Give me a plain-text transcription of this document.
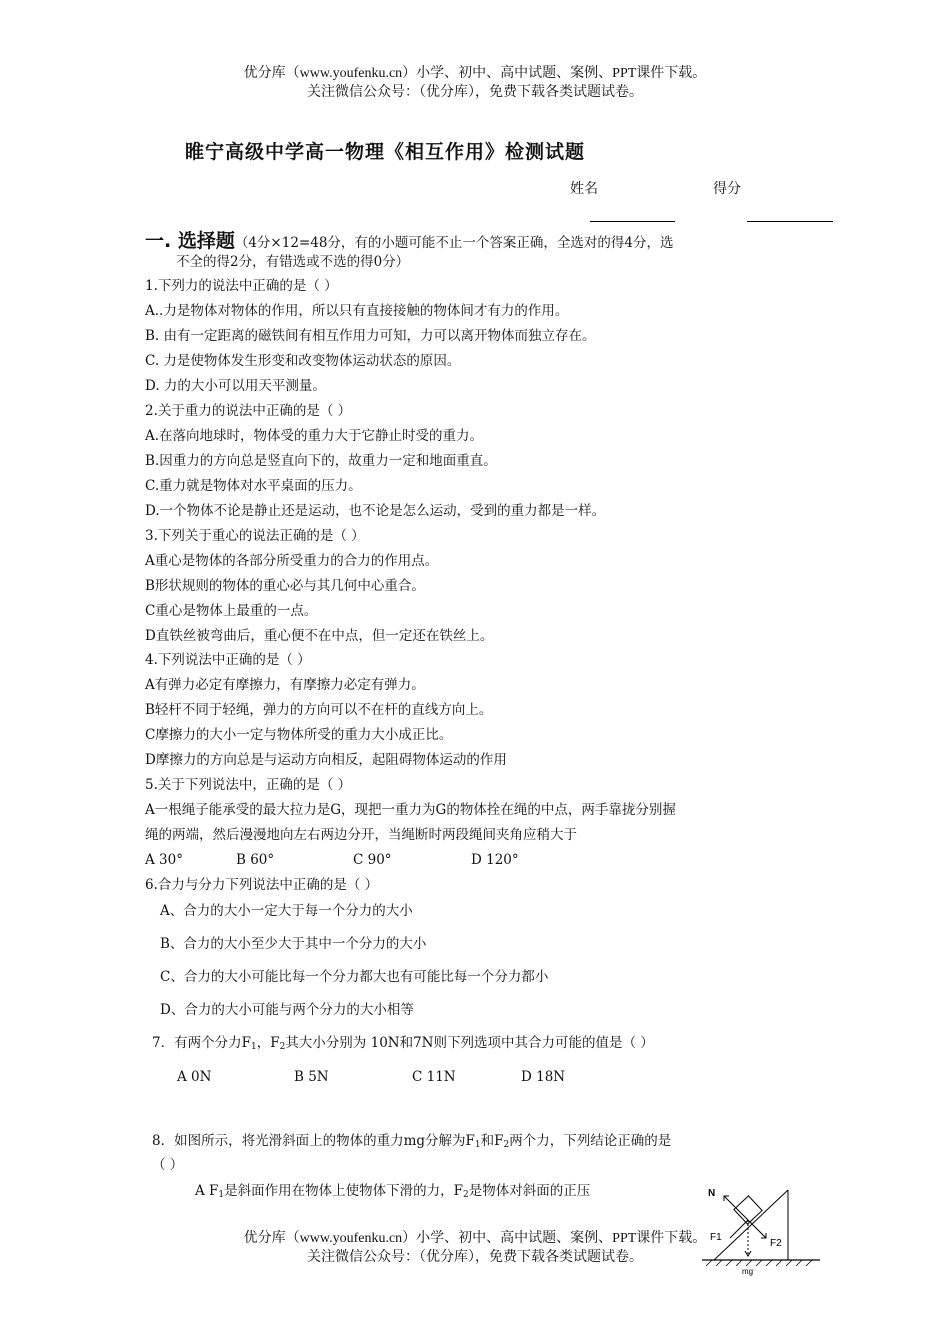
优分库（www.youfenku.cn）小学、初中、高中试题、案例、PPT课件下载。
关注微信公众号：（优分库），免费下载各类试题试卷。
睢宁高级中学高一物理《相互作用》检测试题
姓名	得分
一. 选择题（4分×12=48分，有的小题可能不止一个答案正确，全选对的得4分，选
不全的得2分，有错选或不选的得0分）
1.下列力的说法中正确的是（ ）
A..力是物体对物体的作用，所以只有直接接触的物体间才有力的作用。
B. 由有一定距离的磁铁间有相互作用力可知，力可以离开物体而独立存在。
C. 力是使物体发生形变和改变物体运动状态的原因。
D. 力的大小可以用天平测量。
2.关于重力的说法中正确的是（ ）
A.在落向地球时，物体受的重力大于它静止时受的重力。
B.因重力的方向总是竖直向下的，故重力一定和地面重直。
C.重力就是物体对水平桌面的压力。
D.一个物体不论是静止还是运动，也不论是怎么运动，受到的重力都是一样。
3.下列关于重心的说法正确的是（ ）
A重心是物体的各部分所受重力的合力的作用点。
B形状规则的物体的重心必与其几何中心重合。
C重心是物体上最重的一点。
D直铁丝被弯曲后，重心便不在中点，但一定还在铁丝上。
4.下列说法中正确的是（ ）
A有弹力必定有摩擦力，有摩擦力必定有弹力。
B轻杆不同于轻绳，弹力的方向可以不在杆的直线方向上。
C摩擦力的大小一定与物体所受的重力大小成正比。
D摩擦力的方向总是与运动方向相反，起阻碍物体运动的作用
5.关于下列说法中，正确的是（ ）
A一根绳子能承受的最大拉力是G，现把一重力为G的物体拴在绳的中点，两手靠拢分别握
绳的两端，然后漫漫地向左右两边分开，当绳断时两段绳间夹角应稍大于
A 30°	B 60°	C 90°	D 120°
6.合力与分力下列说法中正确的是（ ）
A、合力的大小一定大于每一个分力的大小
B、合力的大小至少大于其中一个分力的大小
C、合力的大小可能比每一个分力都大也有可能比每一个分力都小
D、合力的大小可能与两个分力的大小相等
7．有两个分力$F_1$，$F_2$其大小分别为 10N和7N则下列选项中其合力可能的值是（ ）
A 0N	B 5N	C 11N	D 18N
8．如图所示，将光滑斜面上的物体的重力mg分解为$F_1$和$F_2$两个力，下列结论正确的是
（ ）
A $F_1$是斜面作用在物体上使物体下滑的力，$F_2$是物体对斜面的正压	N
F1
F2
mg
优分库（www.youfenku.cn）小学、初中、高中试题、案例、PPT课件下载。
关注微信公众号：（优分库），免费下载各类试题试卷。
